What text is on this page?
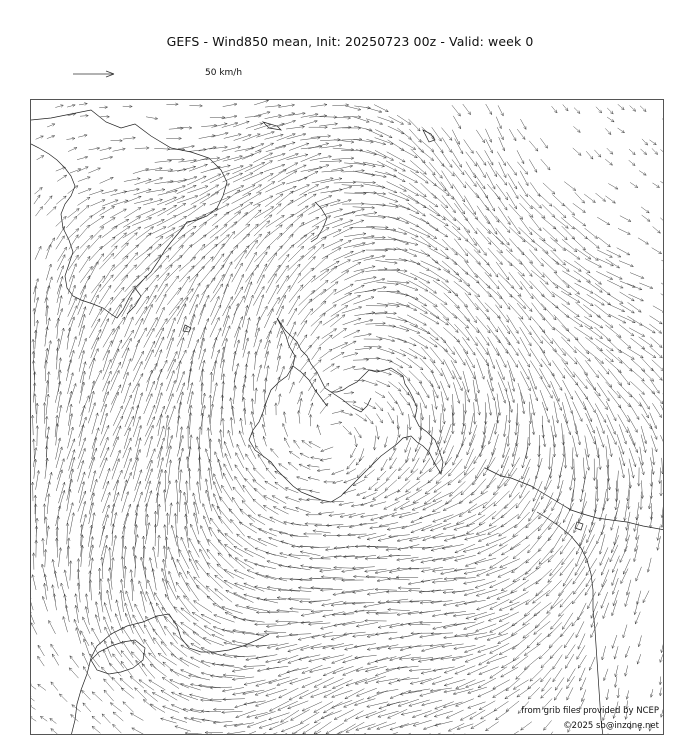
GEFS - Wind850 mean, Init: 20250723 00z - Valid: week 0
50 km/h
from grib files provided by NCEP
©2025 sb@inzone.net
